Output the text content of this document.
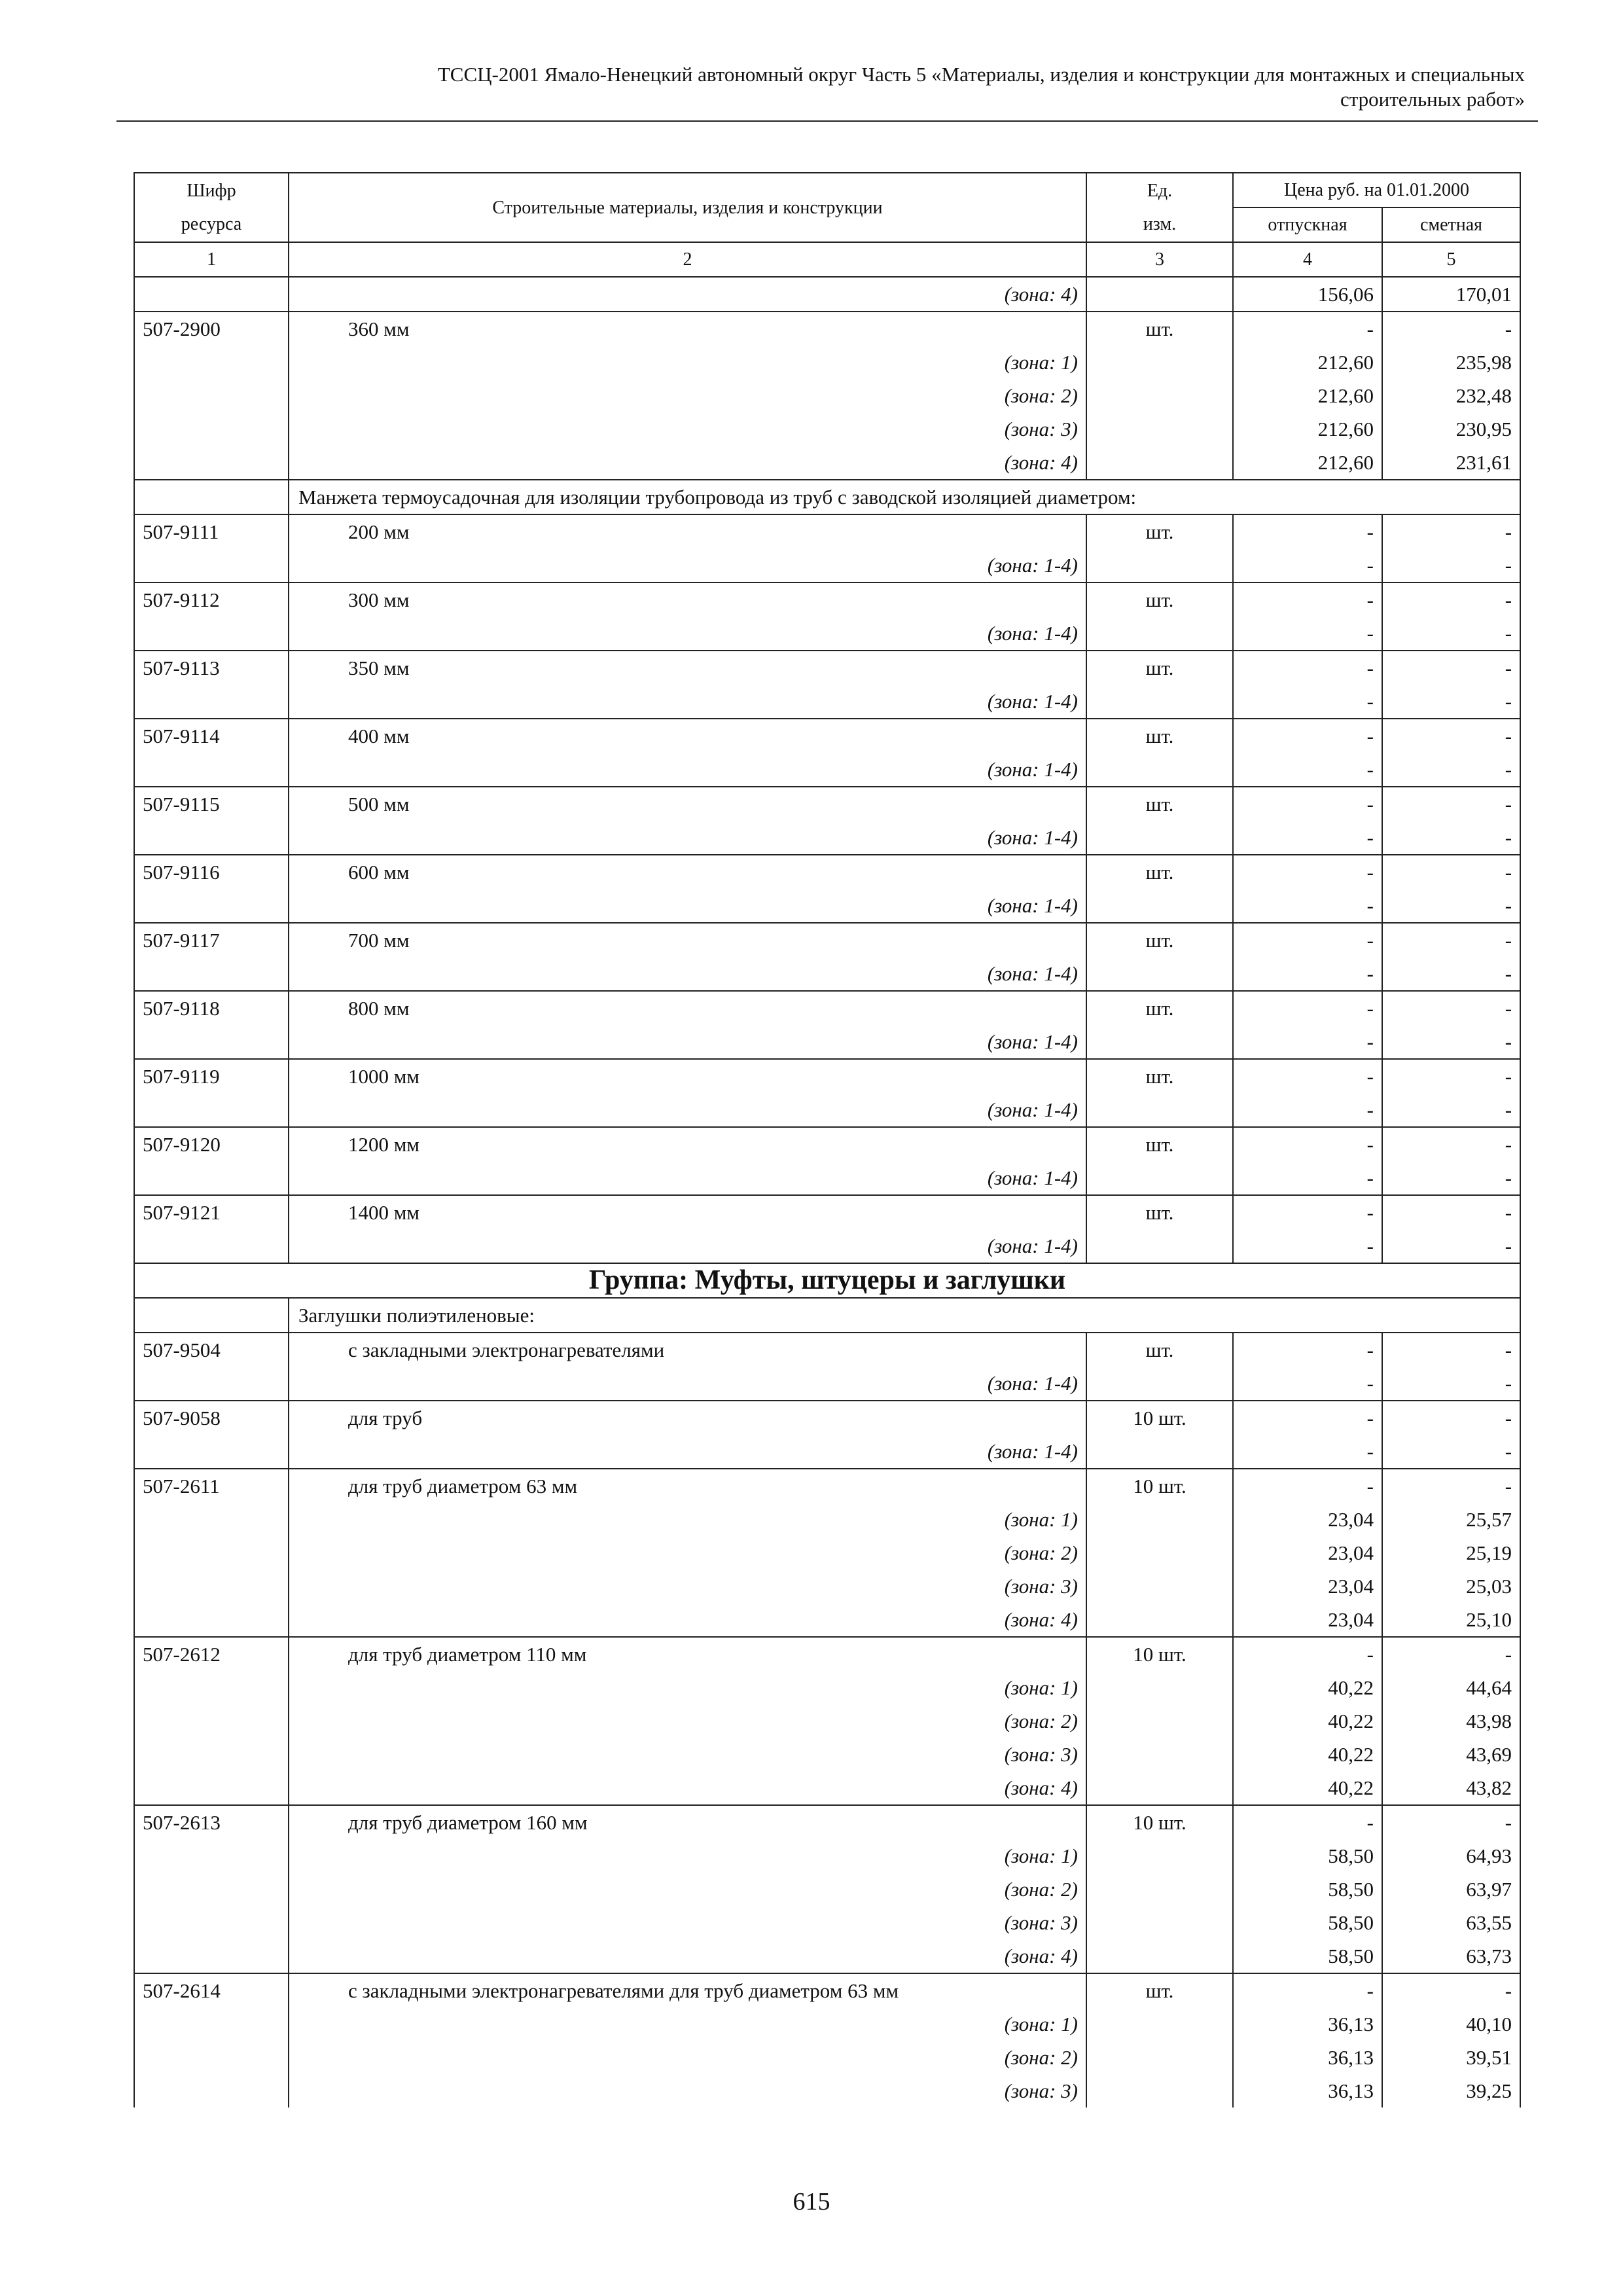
ТССЦ-2001 Ямало-Ненецкий автономный округ Часть 5 «Материалы, изделия и конструкции для монтажных и специальных
строительных работ»
Шифр ресурса	Строительные материалы, изделия и конструкции	Ед. изм.	Цена руб. на 01.01.2000	
			отпускная	сметная
1	2	3	4	5
	(зона: 4)		156,06	170,01
507-2900	360 мм	шт.	-	-
	(зона: 1)		212,60	235,98
	(зона: 2)		212,60	232,48
	(зона: 3)		212,60	230,95
	(зона: 4)		212,60	231,61
	Манжета термоусадочная для изоляции трубопровода из труб с заводской изоляцией диаметром:			
507-9111	200 мм	шт.	-	-
	(зона: 1-4)		-	-
507-9112	300 мм	шт.	-	-
	(зона: 1-4)		-	-
507-9113	350 мм	шт.	-	-
	(зона: 1-4)		-	-
507-9114	400 мм	шт.	-	-
	(зона: 1-4)		-	-
507-9115	500 мм	шт.	-	-
	(зона: 1-4)		-	-
507-9116	600 мм	шт.	-	-
	(зона: 1-4)		-	-
507-9117	700 мм	шт.	-	-
	(зона: 1-4)		-	-
507-9118	800 мм	шт.	-	-
	(зона: 1-4)		-	-
507-9119	1000 мм	шт.	-	-
	(зона: 1-4)		-	-
507-9120	1200 мм	шт.	-	-
	(зона: 1-4)		-	-
507-9121	1400 мм	шт.	-	-
	(зона: 1-4)		-	-
Группа: Муфты, штуцеры и заглушки				
	Заглушки полиэтиленовые:			
507-9504	с закладными электронагревателями	шт.	-	-
	(зона: 1-4)		-	-
507-9058	для труб	10 шт.	-	-
	(зона: 1-4)		-	-
507-2611	для труб диаметром 63 мм	10 шт.	-	-
	(зона: 1)		23,04	25,57
	(зона: 2)		23,04	25,19
	(зона: 3)		23,04	25,03
	(зона: 4)		23,04	25,10
507-2612	для труб диаметром 110 мм	10 шт.	-	-
	(зона: 1)		40,22	44,64
	(зона: 2)		40,22	43,98
	(зона: 3)		40,22	43,69
	(зона: 4)		40,22	43,82
507-2613	для труб диаметром 160 мм	10 шт.	-	-
	(зона: 1)		58,50	64,93
	(зона: 2)		58,50	63,97
	(зона: 3)		58,50	63,55
	(зона: 4)		58,50	63,73
507-2614	с закладными электронагревателями для труб диаметром 63 мм	шт.	-	-
	(зона: 1)		36,13	40,10
	(зона: 2)		36,13	39,51
	(зона: 3)		36,13	39,25
615
